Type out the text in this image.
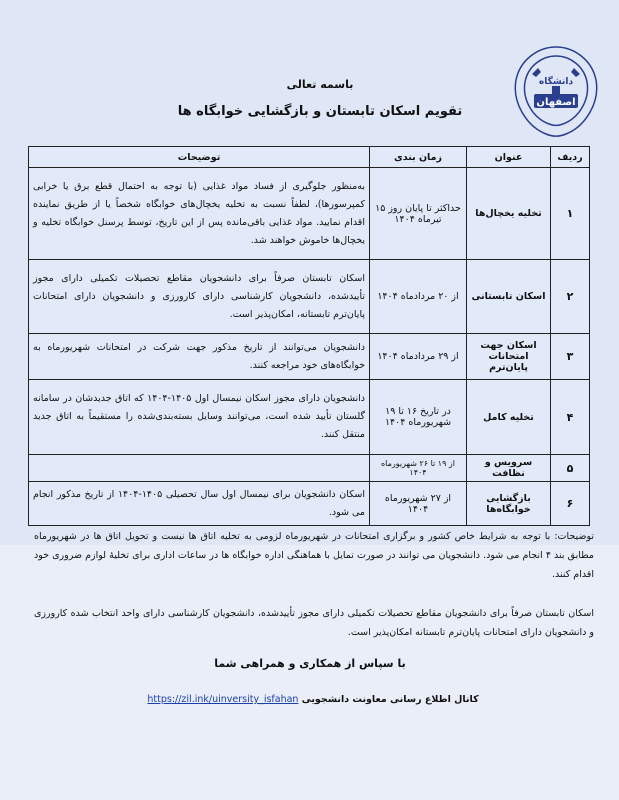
دانشگاه
اصفهان
باسمه تعالی
تقویم اسکان تابستان و بازگشایی خوابگاه ها
ردیف	عنوان	زمان بندی	توضیحات
۱	تخلیه یخچال‌ها	حداکثر تا پایان روز ۱۵ تیرماه ۱۴۰۴	به‌منظور جلوگیری از فساد مواد غذایی (با توجه به احتمال قطع برق یا خرابی کمپرسورها)، لطفاً نسبت به تخلیه یخچال‌های خوابگاه شخصاً یا از طریق نماینده اقدام نمایید. مواد غذایی باقی‌مانده پس از این تاریخ، توسط پرسنل خوابگاه تخلیه و یخچال‌ها خاموش خواهند شد.
۲	اسکان تابستانی	از ۲۰ مردادماه ۱۴۰۴	اسکان تابستان صرفاً برای دانشجویان مقاطع تحصیلات تکمیلی دارای مجوز تأییدشده، دانشجویان کارشناسی دارای کارورزی و دانشجویان دارای امتحانات پایان‌ترم تابستانه، امکان‌پذیر است.
۳	اسکان جهت امتحانات پایان‌ترم	از ۲۹ مردادماه ۱۴۰۴	دانشجویان می‌توانند از تاریخ مذکور جهت شرکت در امتحانات شهریورماه به خوابگاه‌های خود مراجعه کنند.
۴	تخلیه کامل	در تاریخ ۱۶ تا ۱۹ شهریورماه ۱۴۰۴	دانشجویان دارای مجوز اسکان نیمسال اول ۱۴۰۵-۱۴۰۴ که اتاق جدیدشان در سامانه گلستان تأیید شده است، می‌توانند وسایل بسته‌بندی‌شده را مستقیماً به اتاق جدید منتقل کنند.
۵	سرویس و نظافت	از ۱۹ تا ۲۶ شهریورماه ۱۴۰۴	
۶	بازگشایی خوابگاه‌ها	از ۲۷ شهریورماه ۱۴۰۴	اسکان دانشجویان برای نیمسال اول سال تحصیلی ۱۴۰۵-۱۴۰۴ از تاریخ مذکور انجام می شود.
توضیحات: با توجه به شرایط خاص کشور و برگزاری امتحانات در شهریورماه لزومی به تخلیه اتاق ها نیست و تحویل اتاق ها در شهریورماه مطابق بند ۴ انجام می شود. دانشجویان می توانند در صورت تمایل با هماهنگی اداره خوابگاه ها در ساعات اداری برای تخلیهٔ لوازم ضروری خود اقدام کنند.
اسکان تابستان صرفاً برای دانشجویان مقاطع تحصیلات تکمیلی دارای مجوز تأییدشده، دانشجویان کارشناسی دارای واحد انتخاب شده کارورزی و دانشجویان دارای امتحانات پایان‌ترم تابستانه امکان‌پذیر است.
با سپاس از همکاری و همراهی شما
کانال اطلاع رسانی معاونت دانشجویی https://zil.ink/uinversity_isfahan
